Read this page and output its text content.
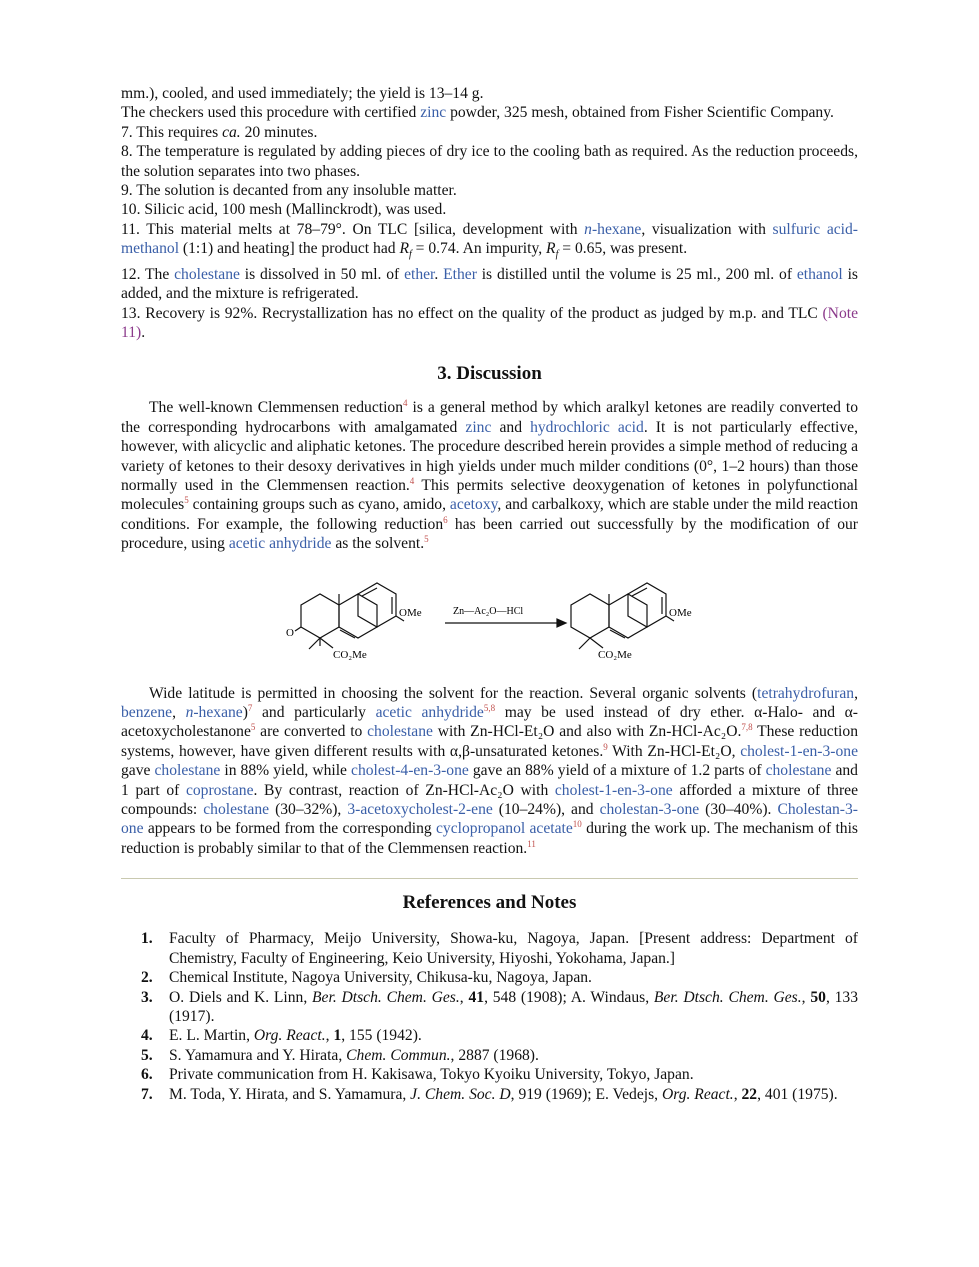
mm.), cooled, and used immediately; the yield is 13–14 g.

The checkers used this procedure with certified zinc powder, 325 mesh, obtained from Fisher Scientific Company.

7. This requires ca. 20 minutes.

8. The temperature is regulated by adding pieces of dry ice to the cooling bath as required. As the reduction proceeds, the solution separates into two phases.

9. The solution is decanted from any insoluble matter.

10. Silicic acid, 100 mesh (Mallinckrodt), was used.

11. This material melts at 78–79°. On TLC [silica, development with n-hexane, visualization with sulfuric acid-methanol (1:1) and heating] the product had $R_f = 0.74$. An impurity, $R_f = 0.65$, was present.

12. The cholestane is dissolved in 50 ml. of ether. Ether is distilled until the volume is 25 ml., 200 ml. of ethanol is added, and the mixture is refrigerated.

13. Recovery is 92%. Recrystallization has no effect on the quality of the product as judged by m.p. and TLC (Note 11).

3. Discussion

The well-known Clemmensen reduction$^4$ is a general method by which aralkyl ketones are readily converted to the corresponding hydrocarbons with amalgamated zinc and hydrochloric acid. It is not particularly effective, however, with alicyclic and aliphatic ketones. The procedure described herein provides a simple method of reducing a variety of ketones to their desoxy derivatives in high yields under much milder conditions (0°, 1–2 hours) than those normally used in the Clemmensen reaction.$^4$ This permits selective deoxygenation of ketones in polyfunctional molecules$^5$ containing groups such as cyano, amido, acetoxy, and carbalkoxy, which are stable under the mild reaction conditions. For example, the following reduction$^6$ has been carried out successfully by the modification of our procedure, using acetic anhydride as the solvent.$^5$

OMe	OMe
O
CO₂Me	CO₂Me
Zn—Ac₂O—HCl

Wide latitude is permitted in choosing the solvent for the reaction. Several organic solvents (tetrahydrofuran, benzene, n-hexane)$^7$ and particularly acetic anhydride$^{5,8}$ may be used instead of dry ether. α-Halo- and α-acetoxycholestanone$^5$ are converted to cholestane with Zn-HCl-Et₂O and also with Zn-HCl-Ac₂O.$^{7,8}$ These reduction systems, however, have given different results with α,β-unsaturated ketones.$^9$ With Zn-HCl-Et₂O, cholest-1-en-3-one gave cholestane in 88% yield, while cholest-4-en-3-one gave an 88% yield of a mixture of 1.2 parts of cholestane and 1 part of coprostane. By contrast, reaction of Zn-HCl-Ac₂O with cholest-1-en-3-one afforded a mixture of three compounds: cholestane (30–32%), 3-acetoxycholest-2-ene (10–24%), and cholestan-3-one (30–40%). Cholestan-3-one appears to be formed from the corresponding cyclopropanol acetate$^{10}$ during the work up. The mechanism of this reduction is probably similar to that of the Clemmensen reaction.$^{11}$

References and Notes
1. Faculty of Pharmacy, Meijo University, Showa-ku, Nagoya, Japan. [Present address: Department of Chemistry, Faculty of Engineering, Keio University, Hiyoshi, Yokohama, Japan.]
2. Chemical Institute, Nagoya University, Chikusa-ku, Nagoya, Japan.
3. O. Diels and K. Linn, Ber. Dtsch. Chem. Ges., 41, 548 (1908); A. Windaus, Ber. Dtsch. Chem. Ges., 50, 133 (1917).
4. E. L. Martin, Org. React., 1, 155 (1942).
5. S. Yamamura and Y. Hirata, Chem. Commun., 2887 (1968).
6. Private communication from H. Kakisawa, Tokyo Kyoiku University, Tokyo, Japan.
7. M. Toda, Y. Hirata, and S. Yamamura, J. Chem. Soc. D, 919 (1969); E. Vedejs, Org. React., 22, 401 (1975).
